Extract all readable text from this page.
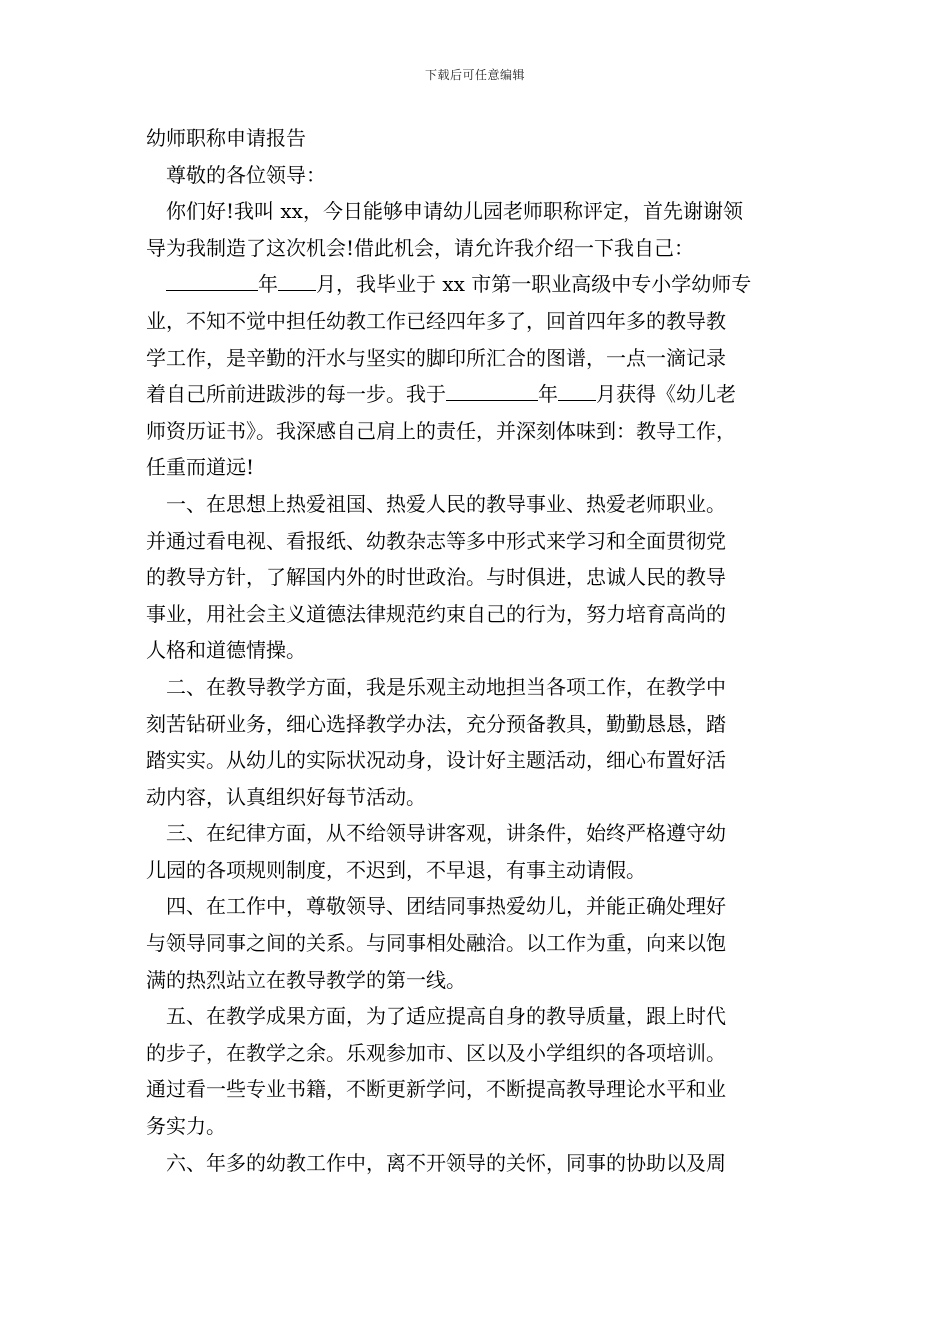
下载后可任意编辑
幼师职称申请报告
尊敬的各位领导：
你们好!我叫 xx，今日能够申请幼儿园老师职称评定，首先谢谢领
导为我制造了这次机会!借此机会，请允许我介绍一下我自己：
年 月，我毕业于 xx 市第一职业高级中专小学幼师专
业，不知不觉中担任幼教工作已经四年多了，回首四年多的教导教
学工作，是辛勤的汗水与坚实的脚印所汇合的图谱，一点一滴记录
着自己所前进跋涉的每一步。我于	年 月获得《幼儿老
师资历证书》。我深感自己肩上的责任，并深刻体味到：教导工作，
任重而道远!
一、在思想上热爱祖国、热爱人民的教导事业、热爱老师职业。
并通过看电视、看报纸、幼教杂志等多中形式来学习和全面贯彻党
的教导方针，了解国内外的时世政治。与时俱进，忠诚人民的教导
事业，用社会主义道德法律规范约束自己的行为，努力培育高尚的
人格和道德情操。
二、在教导教学方面，我是乐观主动地担当各项工作，在教学中
刻苦钻研业务，细心选择教学办法，充分预备教具，勤勤恳恳，踏
踏实实。从幼儿的实际状况动身，设计好主题活动，细心布置好活
动内容，认真组织好每节活动。
三、在纪律方面，从不给领导讲客观，讲条件，始终严格遵守幼
儿园的各项规则制度，不迟到，不早退，有事主动请假。
四、在工作中，尊敬领导、团结同事热爱幼儿，并能正确处理好
与领导同事之间的关系。与同事相处融洽。以工作为重，向来以饱
满的热烈站立在教导教学的第一线。
五、在教学成果方面，为了适应提高自身的教导质量，跟上时代
的步子，在教学之余。乐观参加市、区以及小学组织的各项培训。
通过看一些专业书籍，不断更新学问，不断提高教导理论水平和业
务实力。
六、年多的幼教工作中，离不开领导的关怀，同事的协助以及周
